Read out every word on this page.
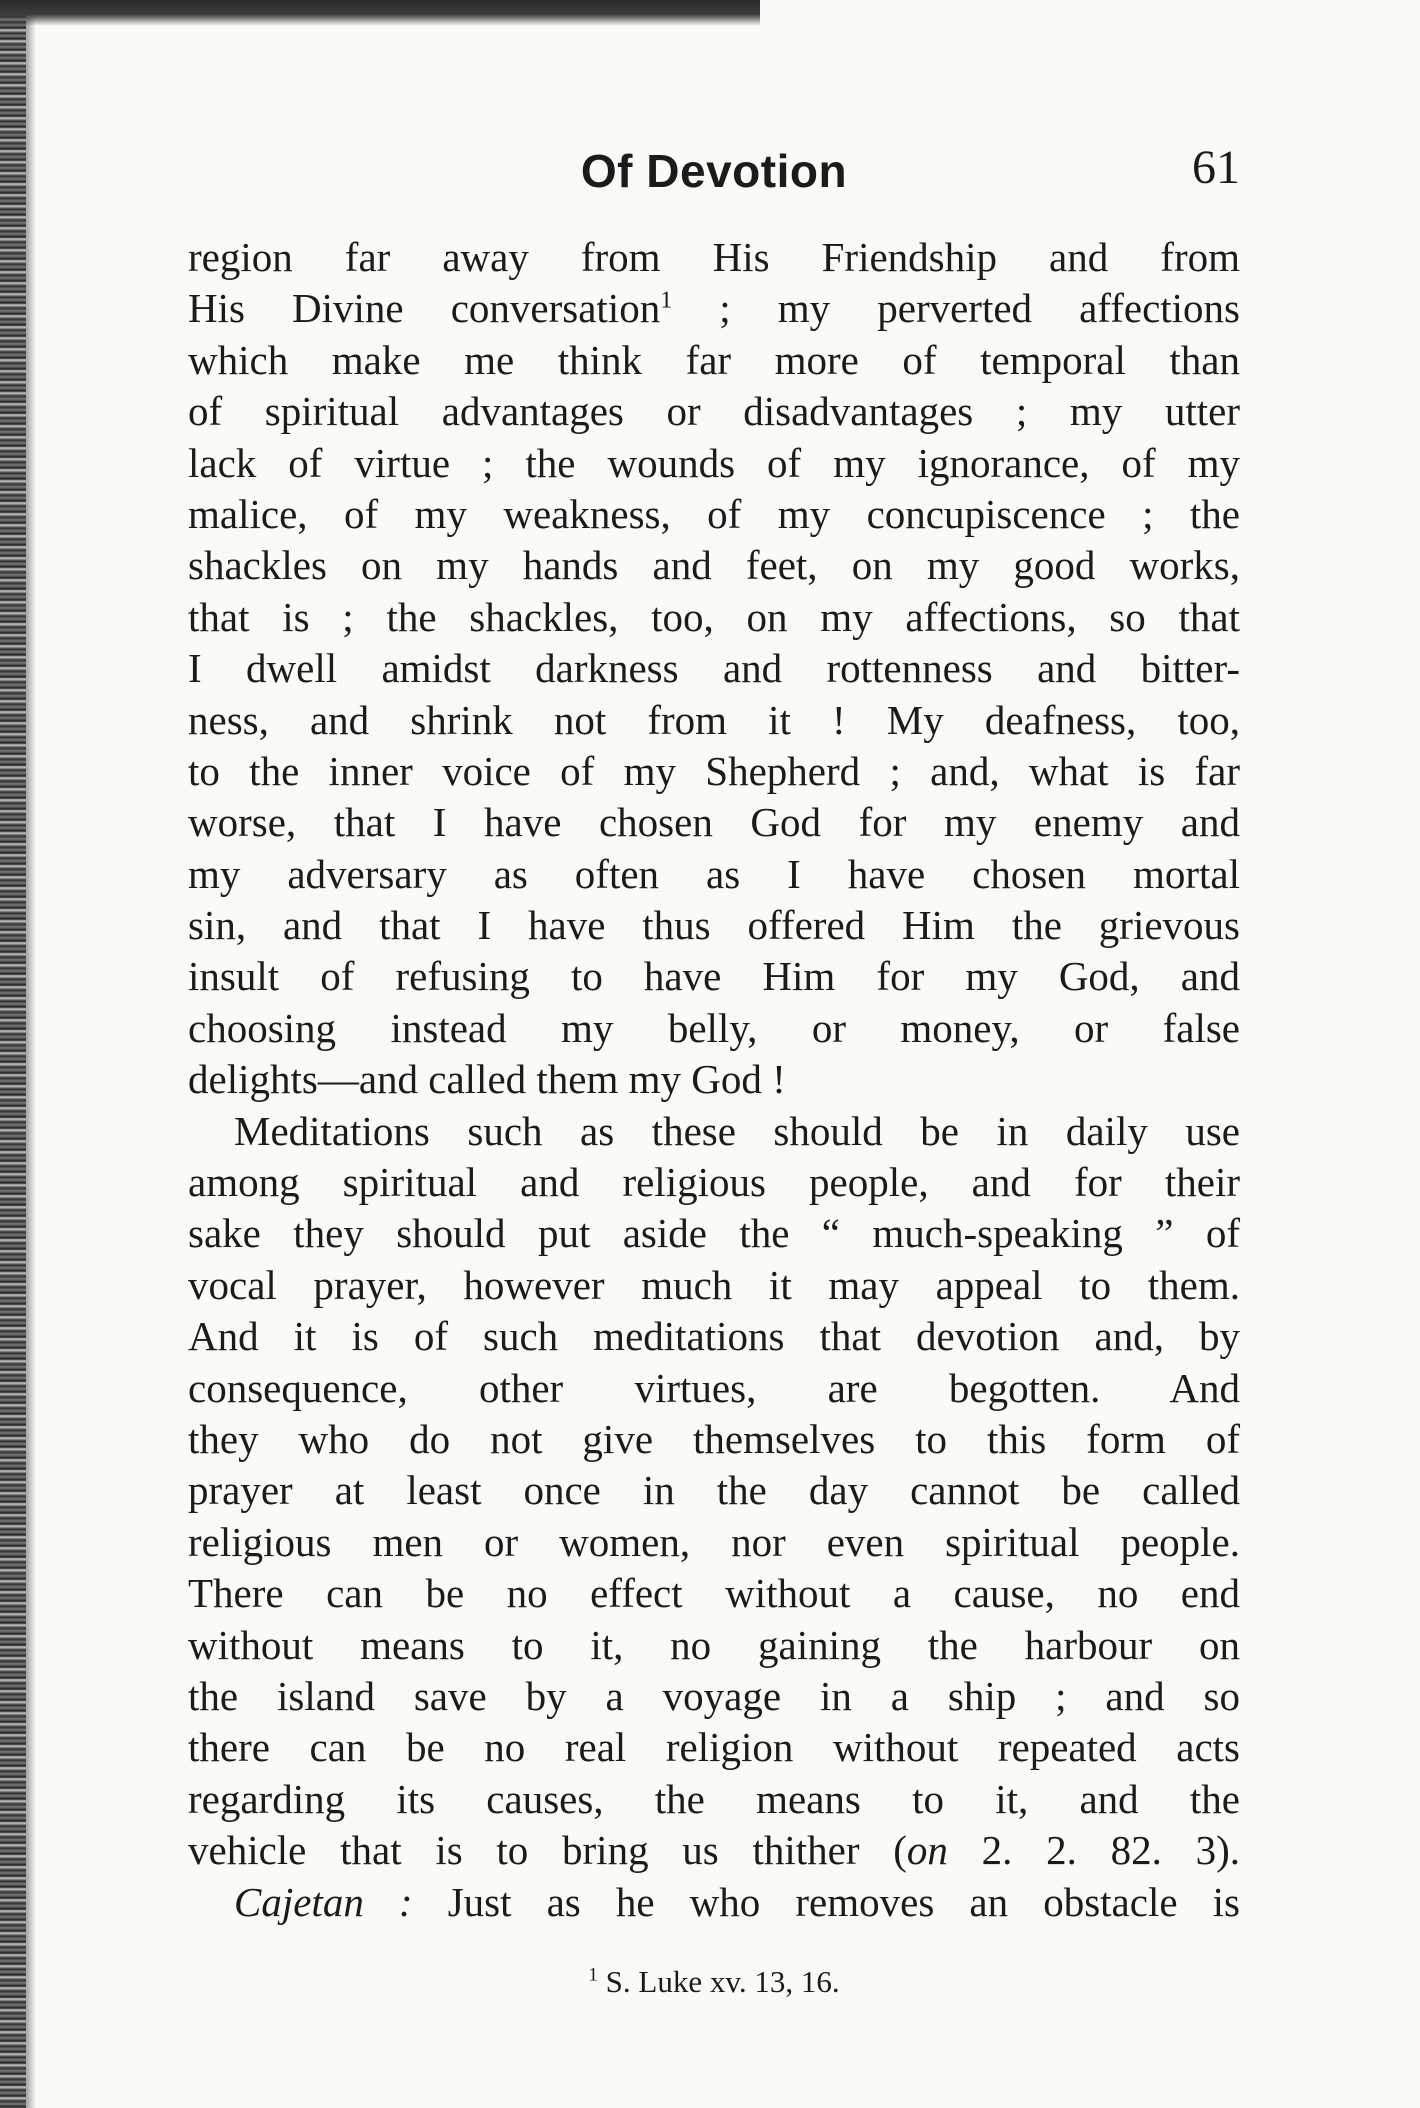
Of Devotion	61
region far away from His Friendship and from
His Divine conversation$^1$ ; my perverted affections
which make me think far more of temporal than
of spiritual advantages or disadvantages ; my utter
lack of virtue ; the wounds of my ignorance, of my
malice, of my weakness, of my concupiscence ; the
shackles on my hands and feet, on my good works,
that is ; the shackles, too, on my affections, so that
I dwell amidst darkness and rottenness and bitter-
ness, and shrink not from it ! My deafness, too,
to the inner voice of my Shepherd ; and, what is far
worse, that I have chosen God for my enemy and
my adversary as often as I have chosen mortal
sin, and that I have thus offered Him the grievous
insult of refusing to have Him for my God, and
choosing instead my belly, or money, or false
delights—and called them my God !
Meditations such as these should be in daily use
among spiritual and religious people, and for their
sake they should put aside the “ much-speaking ” of
vocal prayer, however much it may appeal to them.
And it is of such meditations that devotion and, by
consequence, other virtues, are begotten. And
they who do not give themselves to this form of
prayer at least once in the day cannot be called
religious men or women, nor even spiritual people.
There can be no effect without a cause, no end
without means to it, no gaining the harbour on
the island save by a voyage in a ship ; and so
there can be no real religion without repeated acts
regarding its causes, the means to it, and the
vehicle that is to bring us thither (on 2. 2. 82. 3).
Cajetan : Just as he who removes an obstacle is
$^1$ S. Luke xv. 13, 16.
